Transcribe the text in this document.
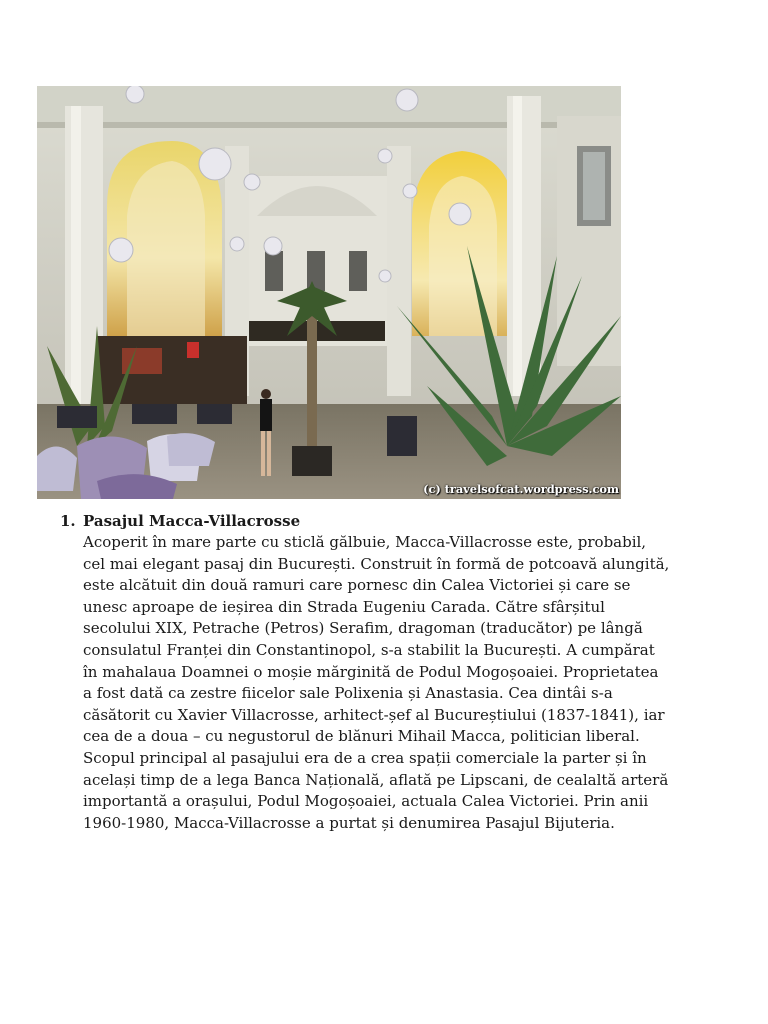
(c) travelsofcat.wordpress.com
1. Pasajul Macca-Villacrosse
Acoperit în mare parte cu sticlă gălbuie, Macca-Villacrosse este, probabil,
cel mai elegant pasaj din București. Construit în formă de potcoavă alungită,
este alcătuit din două ramuri care pornesc din Calea Victoriei și care se
unesc aproape de ieșirea din Strada Eugeniu Carada. Către sfârșitul
secolului XIX, Petrache (Petros) Serafim, dragoman (traducător) pe lângă
consulatul Franței din Constantinopol, s-a stabilit la București. A cumpărat
în mahalaua Doamnei o moșie mărginită de Podul Mogoșoaiei. Proprietatea
a fost dată ca zestre fiicelor sale Polixenia și Anastasia. Cea dintâi s-a
căsătorit cu Xavier Villacrosse, arhitect-șef al Bucureștiului (1837-1841), iar
cea de a doua – cu negustorul de blănuri Mihail Macca, politician liberal.
Scopul principal al pasajului era de a crea spații comerciale la parter și în
același timp de a lega Banca Națională, aflată pe Lipscani, de cealaltă arteră
importantă a orașului, Podul Mogoșoaiei, actuala Calea Victoriei. Prin anii
1960-1980, Macca-Villacrosse a purtat și denumirea Pasajul Bijuteria.
